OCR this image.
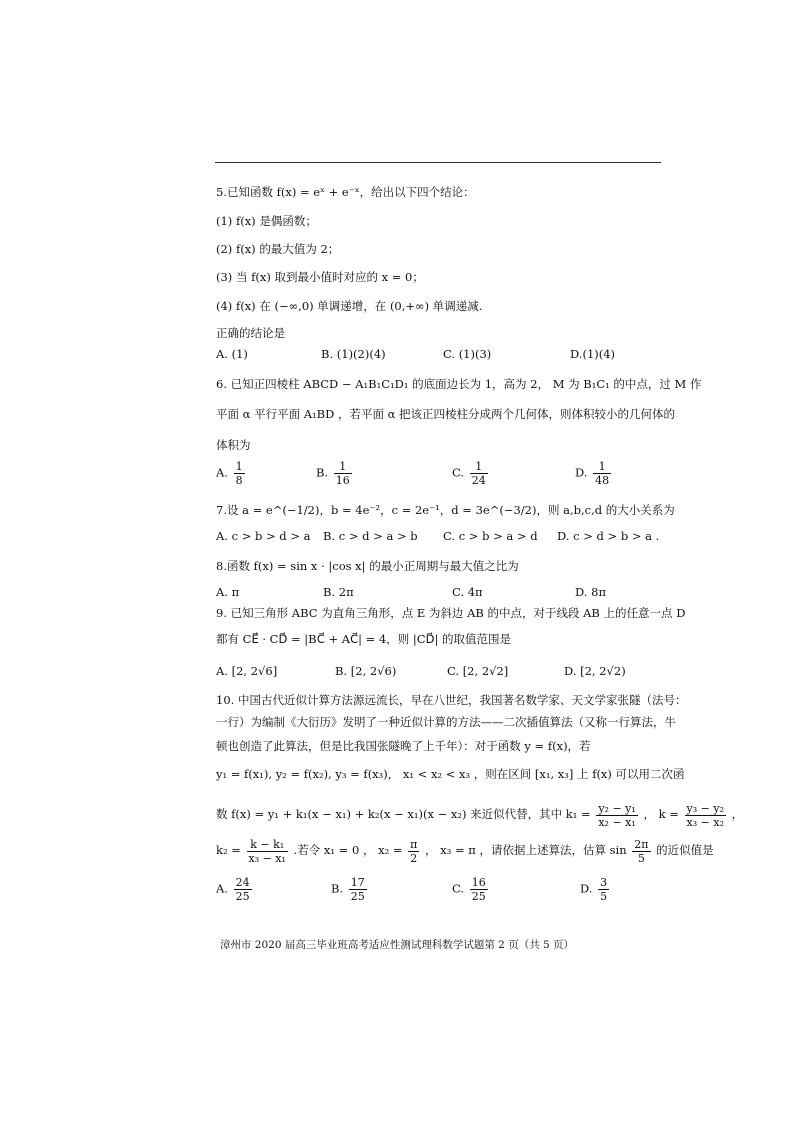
5.已知函数 f(x) = eˣ + e⁻ˣ，给出以下四个结论：
(1) f(x) 是偶函数；
(2) f(x) 的最大值为 2；
(3) 当 f(x) 取到最小值时对应的 x = 0；
(4) f(x) 在 (−∞,0) 单调递增，在 (0,+∞) 单调递减.
正确的结论是
A. (1)	B. (1)(2)(4)	C. (1)(3)	D.(1)(4)
6. 已知正四棱柱 ABCD − A₁B₁C₁D₁ 的底面边长为 1，高为 2， M 为 B₁C₁ 的中点，过 M 作
平面 α 平行平面 A₁BD ，若平面 α 把该正四棱柱分成两个几何体，则体积较小的几何体的
体积为
A. $\frac{1}{8}$	B. $\frac{1}{16}$	C. $\frac{1}{24}$	D. $\frac{1}{48}$
7.设 a = e^(−1/2)，b = 4e⁻²，c = 2e⁻¹，d = 3e^(−3/2)，则 a,b,c,d 的大小关系为
A. c > b > d > a B. c > d > a > b C. c > b > a > d D. c > d > b > a .
8.函数 f(x) = sin x · |cos x| 的最小正周期与最大值之比为
A. π	B. 2π	C. 4π	D. 8π
9. 已知三角形 ABC 为直角三角形，点 E 为斜边 AB 的中点，对于线段 AB 上的任意一点 D
都有 CE⃗ · CD⃗ = |BC⃗ + AC⃗| = 4，则 |CD⃗| 的取值范围是
A. [2, 2√6]	B. [2, 2√6)	C. [2, 2√2]	D. [2, 2√2)
10. 中国古代近似计算方法源远流长，早在八世纪，我国著名数学家、天文学家张隧（法号：
一行）为编制《大衍历》发明了一种近似计算的方法——二次插值算法（又称一行算法，牛
顿也创造了此算法，但是比我国张隧晚了上千年）：对于函数 y = f(x)，若
y₁ = f(x₁), y₂ = f(x₂), y₃ = f(x₃)， x₁ < x₂ < x₃ ，则在区间 [x₁, x₃] 上 f(x) 可以用二次函
数 f(x) = y₁ + k₁(x − x₁) + k₂(x − x₁)(x − x₂) 来近似代替，其中 $k_1 = \frac{\text{y₂ − y₁}}{\text{x₂ − x₁}}$ ， $k = \frac{\text{y₃ − y₂}}{\text{x₃ − x₂}}$ ，
$k_2 = \frac{\text{k − k₁}}{\text{x₃ − x₁}}$ .若令 x₁ = 0 ， $x_2 = \frac{\pi}{2}$ ， x₃ = π ，请依据上述算法，估算 $\sin \frac{2\pi}{5}$ 的近似值是
A. $\frac{24}{25}$	B. $\frac{17}{25}$	C. $\frac{16}{25}$	D. $\frac{3}{5}$
漳州市 2020 届高三毕业班高考适应性测试理科数学试题第 2 页（共 5 页）
